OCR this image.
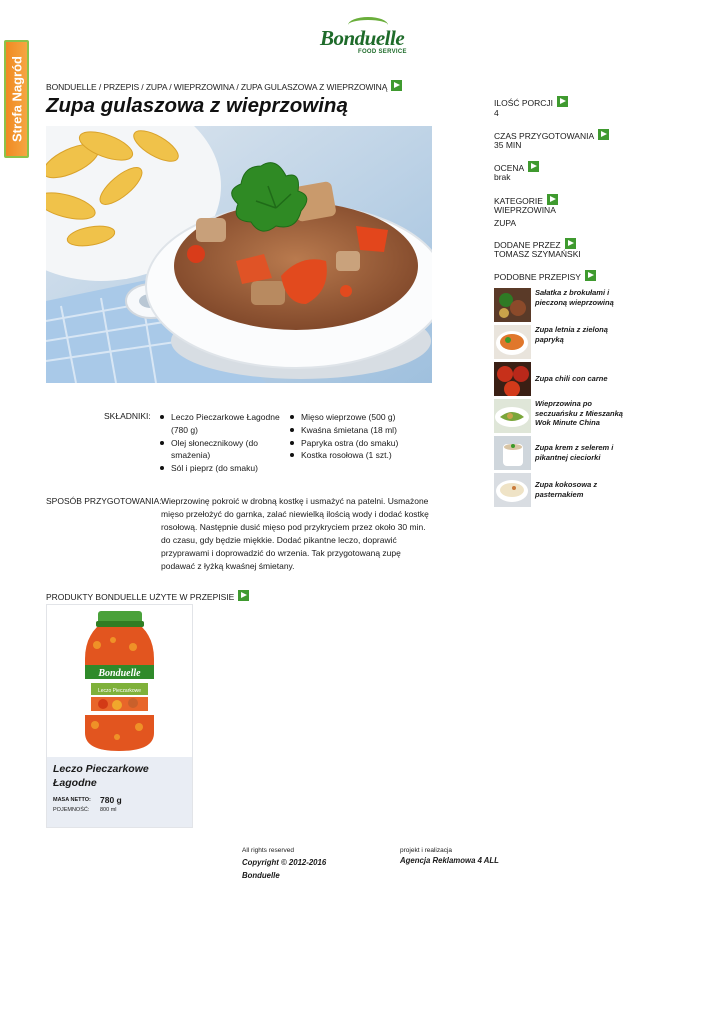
Strefa Nagród
Bonduelle
FOOD SERVICE
BONDUELLE / PRZEPIS / ZUPA / WIEPRZOWINA / ZUPA GULASZOWA Z WIEPRZOWINĄ
Zupa gulaszowa z wieprzowiną
SKŁADNIKI:	Leczo Pieczarkowe Łagodne (780 g)
Olej słonecznikowy (do smażenia)
Sól i pieprz (do smaku)
Mięso wieprzowe (500 g)
Kwaśna śmietana (18 ml)
Papryka ostra (do smaku)
Kostka rosołowa (1 szt.)
SPOSÓB PRZYGOTOWANIA: Wieprzowinę pokroić w drobną kostkę i usmażyć na patelni. Usmażone mięso przełożyć do garnka, zalać niewielką ilością wody i dodać kostkę rosołową. Następnie dusić mięso pod przykryciem przez około 30 min. do czasu, gdy będzie miękkie. Dodać pikantne leczo, doprawić przyprawami i doprowadzić do wrzenia. Tak przygotowaną zupę podawać z łyżką kwaśnej śmietany.

PRODUKTY BONDUELLE UŻYTE W PRZEPISIE
Bonduelle
Leczo Pieczarkowe
Leczo Pieczarkowe Łagodne
MASA NETTO: 780 g
POJEMNOŚĆ: 800 ml
ILOŚĆ PORCJI
4
CZAS PRZYGOTOWANIA
35 MIN
OCENA
brak
KATEGORIE
WIEPRZOWINA
ZUPA
DODANE PRZEZ
TOMASZ SZYMAŃSKI
PODOBNE PRZEPISY
Sałatka z brokułami i pieczoną wieprzowiną
Zupa letnia z zieloną papryką
Zupa chili con carne
Wieprzowina po seczuańsku z Mieszanką Wok Minute China
Zupa krem z selerem i pikantnej cieciorki
Zupa kokosowa z pasternakiem
All rights reserved
Copyright © 2012-2016 Bonduelle
projekt i realizacja
Agencja Reklamowa 4 ALL
